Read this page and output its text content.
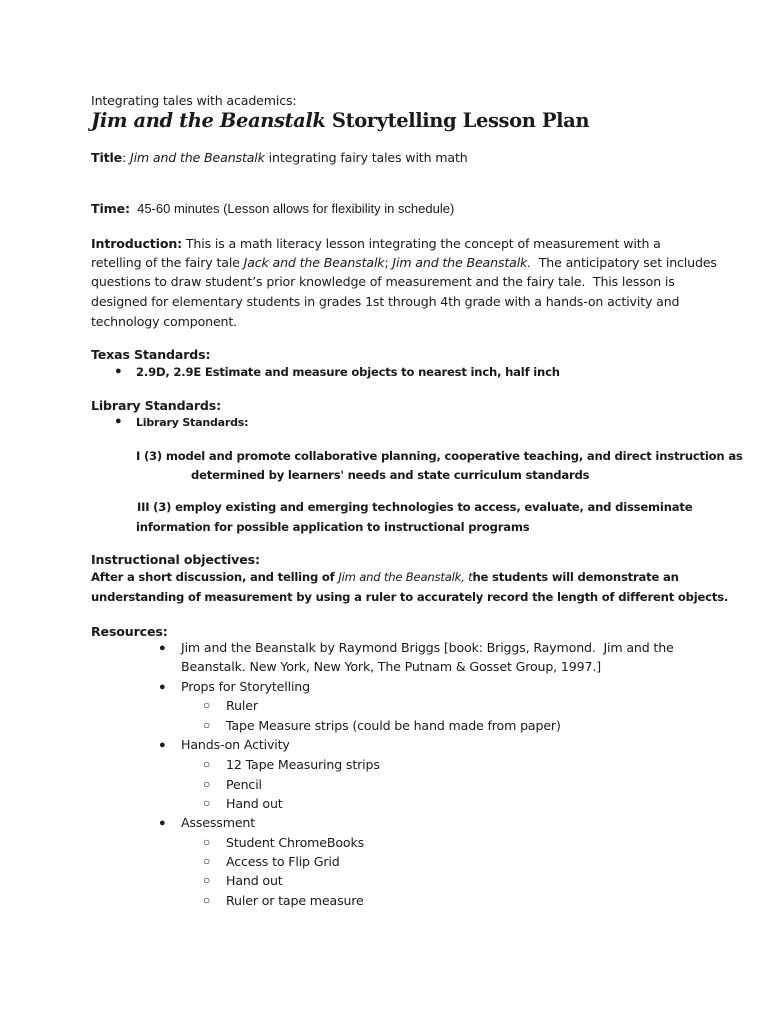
Integrating tales with academics:
Jim and the Beanstalk Storytelling Lesson Plan
Title: Jim and the Beanstalk integrating fairy tales with math
Time:  45-60 minutes (Lesson allows for flexibility in schedule)
Introduction: This is a math literacy lesson integrating the concept of measurement with a
retelling of the fairy tale Jack and the Beanstalk; Jim and the Beanstalk.  The anticipatory set includes
questions to draw student’s prior knowledge of measurement and the fairy tale.  This lesson is
designed for elementary students in grades 1st through 4th grade with a hands-on activity and
technology component.
Texas Standards:
● 2.9D, 2.9E Estimate and measure objects to nearest inch, half inch
Library Standards:
● Library Standards:
I (3) model and promote collaborative planning, cooperative teaching, and direct instruction as
determined by learners' needs and state curriculum standards
III (3) employ existing and emerging technologies to access, evaluate, and disseminate
information for possible application to instructional programs
Instructional objectives:
After a short discussion, and telling of Jim and the Beanstalk, the students will demonstrate an
understanding of measurement by using a ruler to accurately record the length of different objects.
Resources:
● Jim and the Beanstalk by Raymond Briggs [book: Briggs, Raymond.  Jim and the
Beanstalk. New York, New York, The Putnam & Gosset Group, 1997.]
● Props for Storytelling
○ Ruler
○ Tape Measure strips (could be hand made from paper)
● Hands-on Activity
○ 12 Tape Measuring strips
○ Pencil
○ Hand out
● Assessment
○ Student ChromeBooks
○ Access to Flip Grid
○ Hand out
○ Ruler or tape measure
